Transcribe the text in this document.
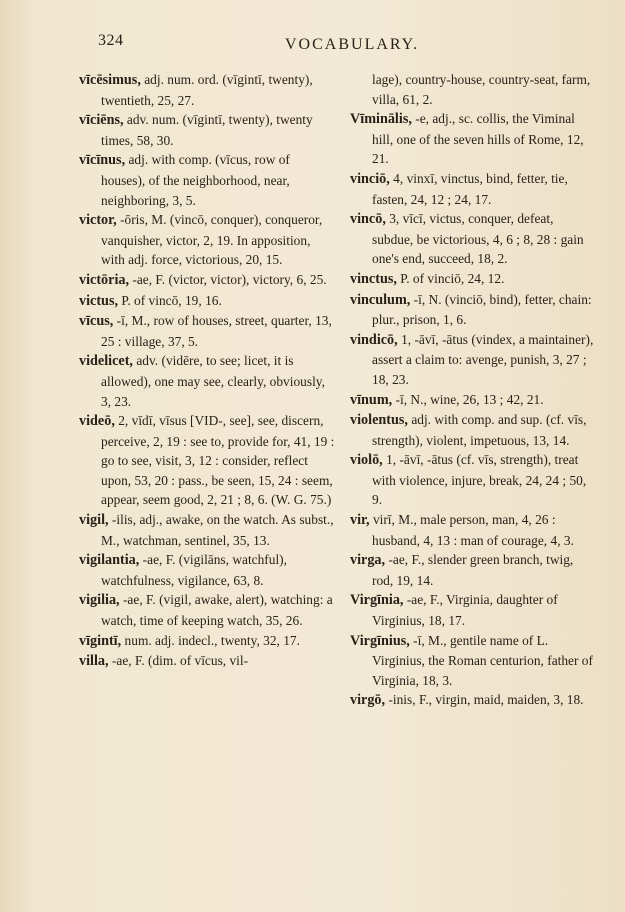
324	VOCABULARY.
vīcēsimus, adj. num. ord. (vīgintī, twenty), twentieth, 25, 27.
vīciēns, adv. num. (vīgintī, twenty), twenty times, 58, 30.
vīcīnus, adj. with comp. (vīcus, row of houses), of the neighborhood, near, neighboring, 3, 5.
victor, -ōris, M. (vincō, conquer), conqueror, vanquisher, victor, 2, 19. In apposition, with adj. force, victorious, 20, 15.
victōria, -ae, F. (victor, victor), victory, 6, 25.
victus, P. of vincō, 19, 16.
vīcus, -ī, M., row of houses, street, quarter, 13, 25 : village, 37, 5.
videlicet, adv. (vidēre, to see; licet, it is allowed), one may see, clearly, obviously, 3, 23.
videō, 2, vīdī, vīsus [VID-, see], see, discern, perceive, 2, 19 : see to, provide for, 41, 19 : go to see, visit, 3, 12 : consider, reflect upon, 53, 20 : pass., be seen, 15, 24 : seem, appear, seem good, 2, 21 ; 8, 6. (W. G. 75.)
vigil, -ilis, adj., awake, on the watch. As subst., M., watchman, sentinel, 35, 13.
vigilantia, -ae, F. (vigilāns, watchful), watchfulness, vigilance, 63, 8.
vigilia, -ae, F. (vigil, awake, alert), watching: a watch, time of keeping watch, 35, 26.
vīgintī, num. adj. indecl., twenty, 32, 17.
villa, -ae, F. (dim. of vīcus, vil-
lage), country-house, country-seat, farm, villa, 61, 2.
Vīminālis, -e, adj., sc. collis, the Viminal hill, one of the seven hills of Rome, 12, 21.
vinciō, 4, vinxī, vinctus, bind, fetter, tie, fasten, 24, 12 ; 24, 17.
vincō, 3, vīcī, victus, conquer, defeat, subdue, be victorious, 4, 6 ; 8, 28 : gain one's end, succeed, 18, 2.
vinctus, P. of vinciō, 24, 12.
vinculum, -ī, N. (vinciō, bind), fetter, chain: plur., prison, 1, 6.
vindicō, 1, -āvī, -ātus (vindex, a maintainer), assert a claim to: avenge, punish, 3, 27 ; 18, 23.
vīnum, -ī, N., wine, 26, 13 ; 42, 21.
violentus, adj. with comp. and sup. (cf. vīs, strength), violent, impetuous, 13, 14.
violō, 1, -āvī, -ātus (cf. vīs, strength), treat with violence, injure, break, 24, 24 ; 50, 9.
vir, virī, M., male person, man, 4, 26 : husband, 4, 13 : man of courage, 4, 3.
virga, -ae, F., slender green branch, twig, rod, 19, 14.
Virgīnia, -ae, F., Virginia, daughter of Virginius, 18, 17.
Virgīnius, -ī, M., gentile name of L. Virginius, the Roman centurion, father of Virginia, 18, 3.
virgō, -inis, F., virgin, maid, maiden, 3, 18.
